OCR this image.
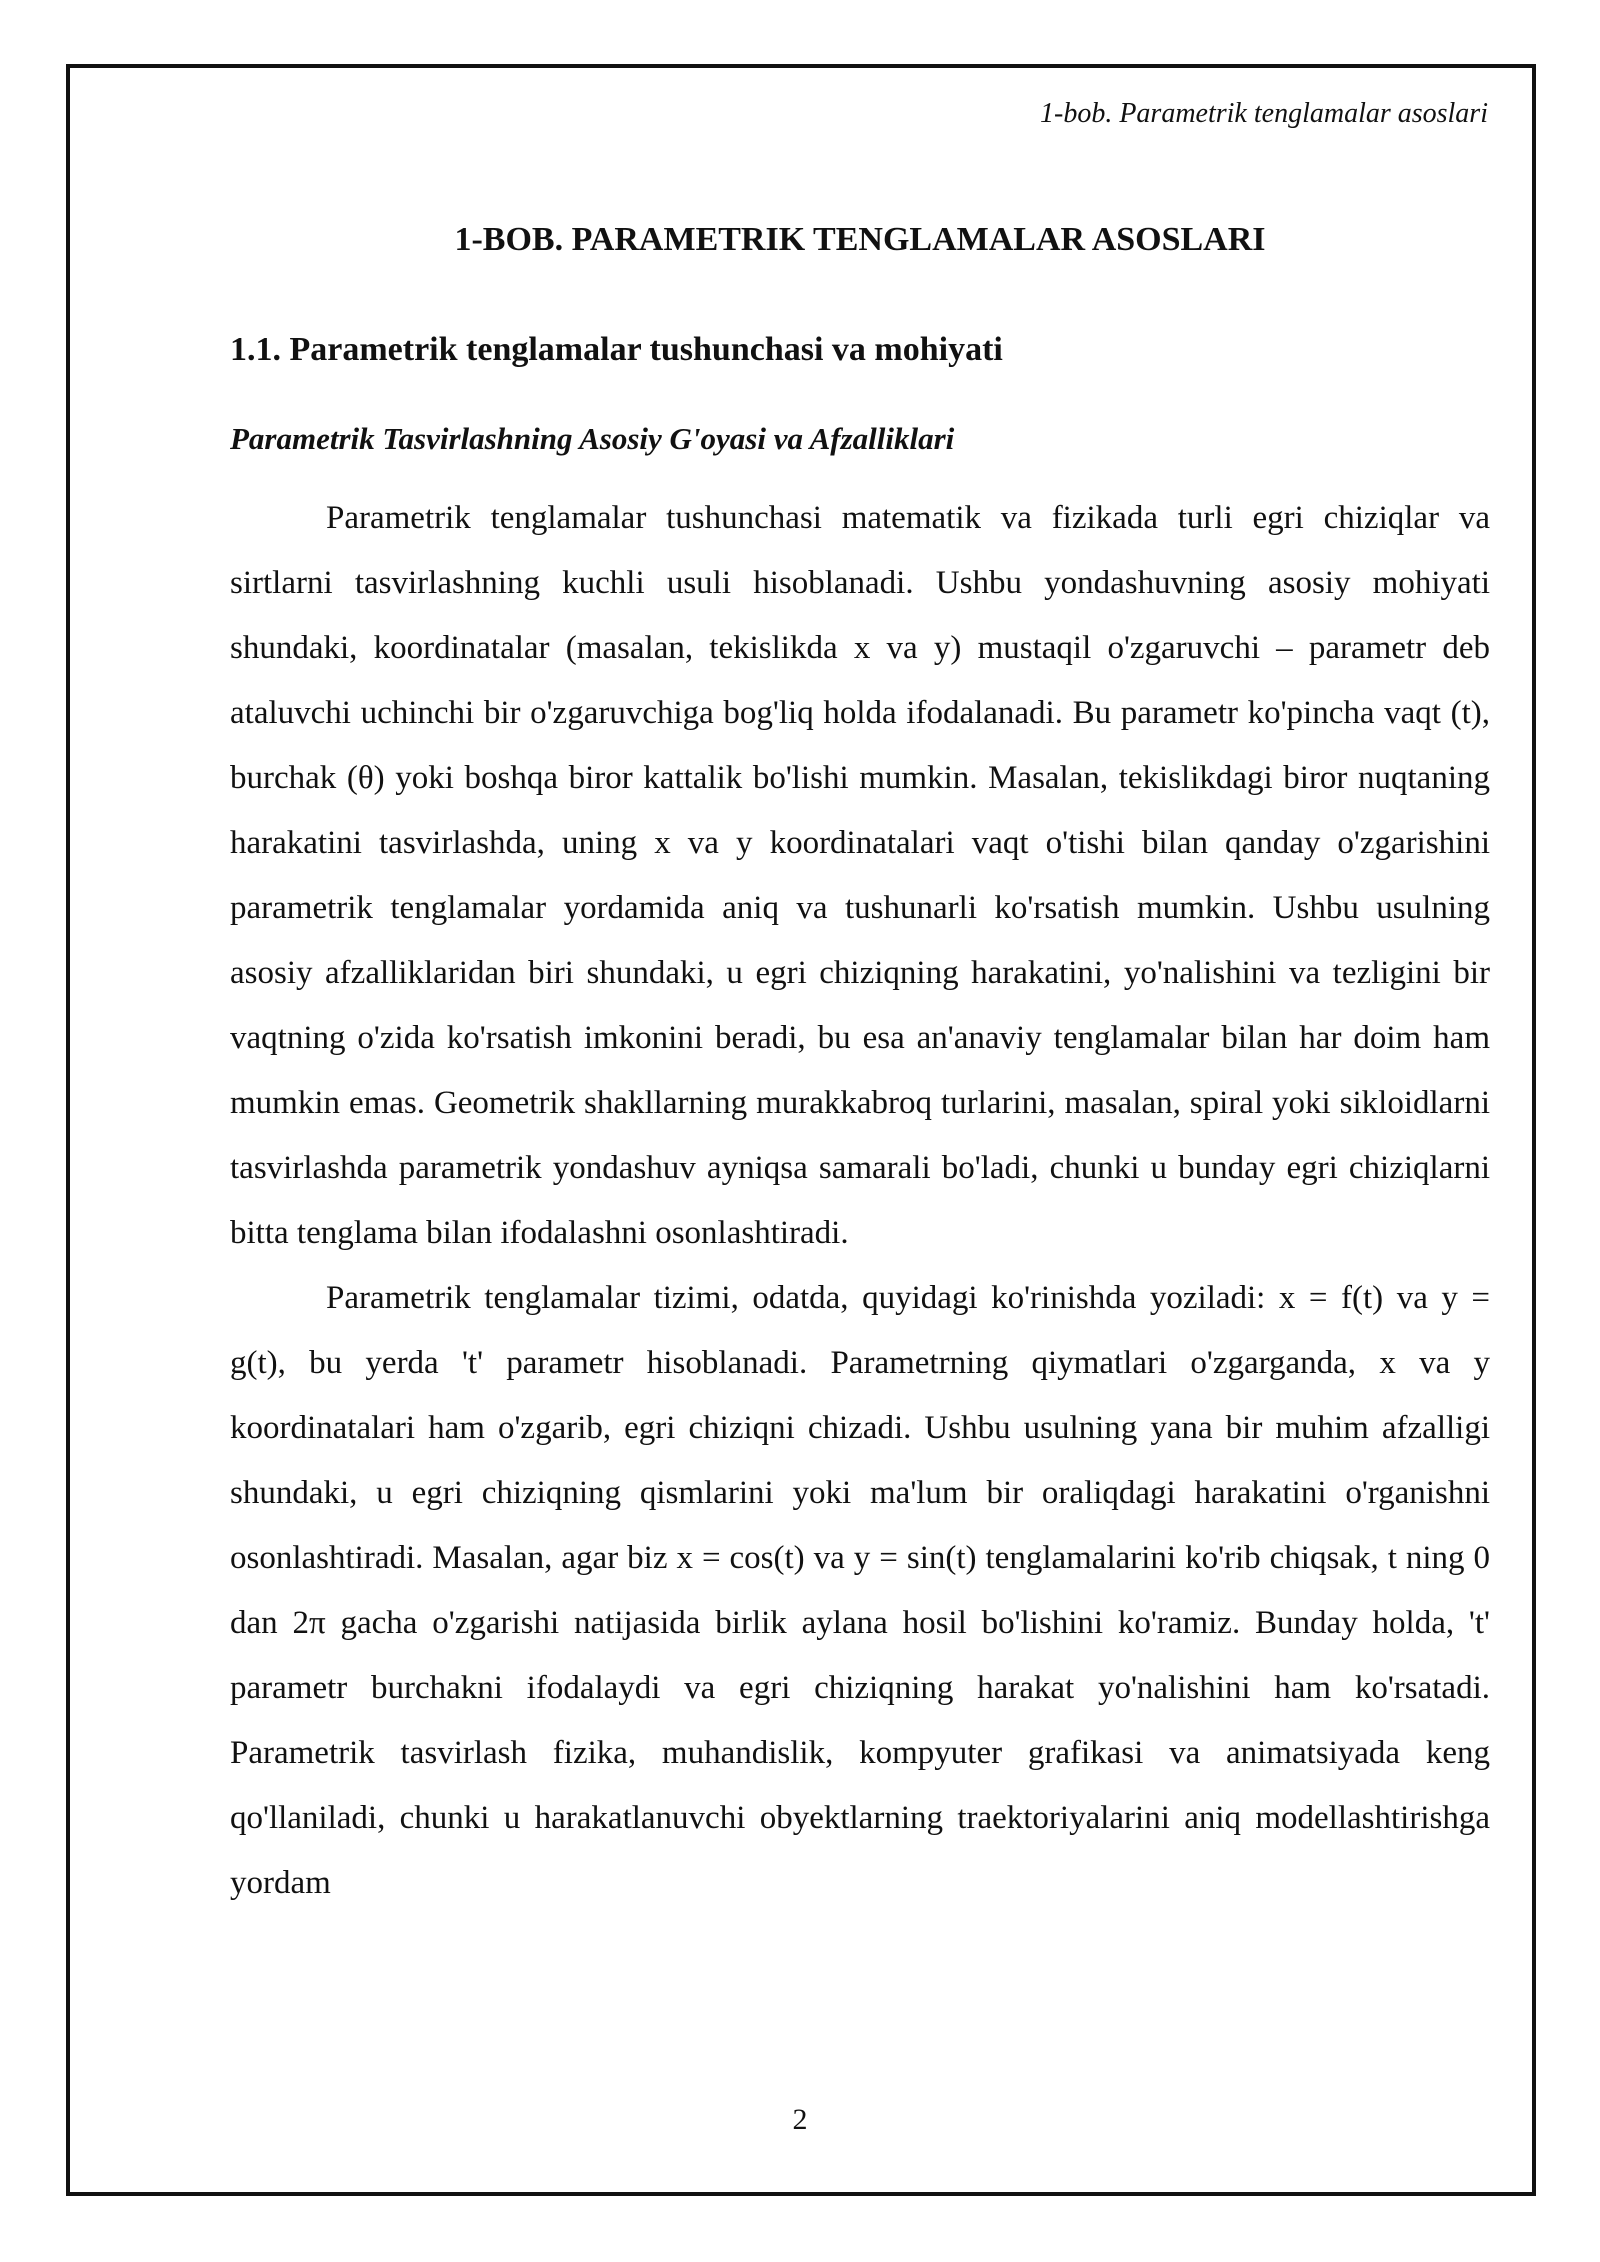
1-bob. Parametrik tenglamalar asoslari
1-BOB. PARAMETRIK TENGLAMALAR ASOSLARI
1.1. Parametrik tenglamalar tushunchasi va mohiyati
Parametrik Tasvirlashning Asosiy G'oyasi va Afzalliklari

Parametrik tenglamalar tushunchasi matematik va fizikada turli egri chiziqlar va sirtlarni tasvirlashning kuchli usuli hisoblanadi. Ushbu yondashuvning asosiy mohiyati shundaki, koordinatalar (masalan, tekislikda x va y) mustaqil o'zgaruvchi – parametr deb ataluvchi uchinchi bir o'zgaruvchiga bog'liq holda ifodalanadi. Bu parametr ko'pincha vaqt (t), burchak (θ) yoki boshqa biror kattalik bo'lishi mumkin. Masalan, tekislikdagi biror nuqtaning harakatini tasvirlashda, uning x va y koordinatalari vaqt o'tishi bilan qanday o'zgarishini parametrik tenglamalar yordamida aniq va tushunarli ko'rsatish mumkin. Ushbu usulning asosiy afzalliklaridan biri shundaki, u egri chiziqning harakatini, yo'nalishini va tezligini bir vaqtning o'zida ko'rsatish imkonini beradi, bu esa an'anaviy tenglamalar bilan har doim ham mumkin emas. Geometrik shakllarning murakkabroq turlarini, masalan, spiral yoki sikloidlarni tasvirlashda parametrik yondashuv ayniqsa samarali bo'ladi, chunki u bunday egri chiziqlarni bitta tenglama bilan ifodalashni osonlashtiradi.

Parametrik tenglamalar tizimi, odatda, quyidagi ko'rinishda yoziladi: x = f(t) va y = g(t), bu yerda 't' parametr hisoblanadi. Parametrning qiymatlari o'zgarganda, x va y koordinatalari ham o'zgarib, egri chiziqni chizadi. Ushbu usulning yana bir muhim afzalligi shundaki, u egri chiziqning qismlarini yoki ma'lum bir oraliqdagi harakatini o'rganishni osonlashtiradi. Masalan, agar biz x = cos(t) va y = sin(t) tenglamalarini ko'rib chiqsak, t ning 0 dan 2π gacha o'zgarishi natijasida birlik aylana hosil bo'lishini ko'ramiz. Bunday holda, 't' parametr burchakni ifodalaydi va egri chiziqning harakat yo'nalishini ham ko'rsatadi. Parametrik tasvirlash fizika, muhandislik, kompyuter grafikasi va animatsiyada keng qo'llaniladi, chunki u harakatlanuvchi obyektlarning traektoriyalarini aniq modellashtirishga yordam

2
